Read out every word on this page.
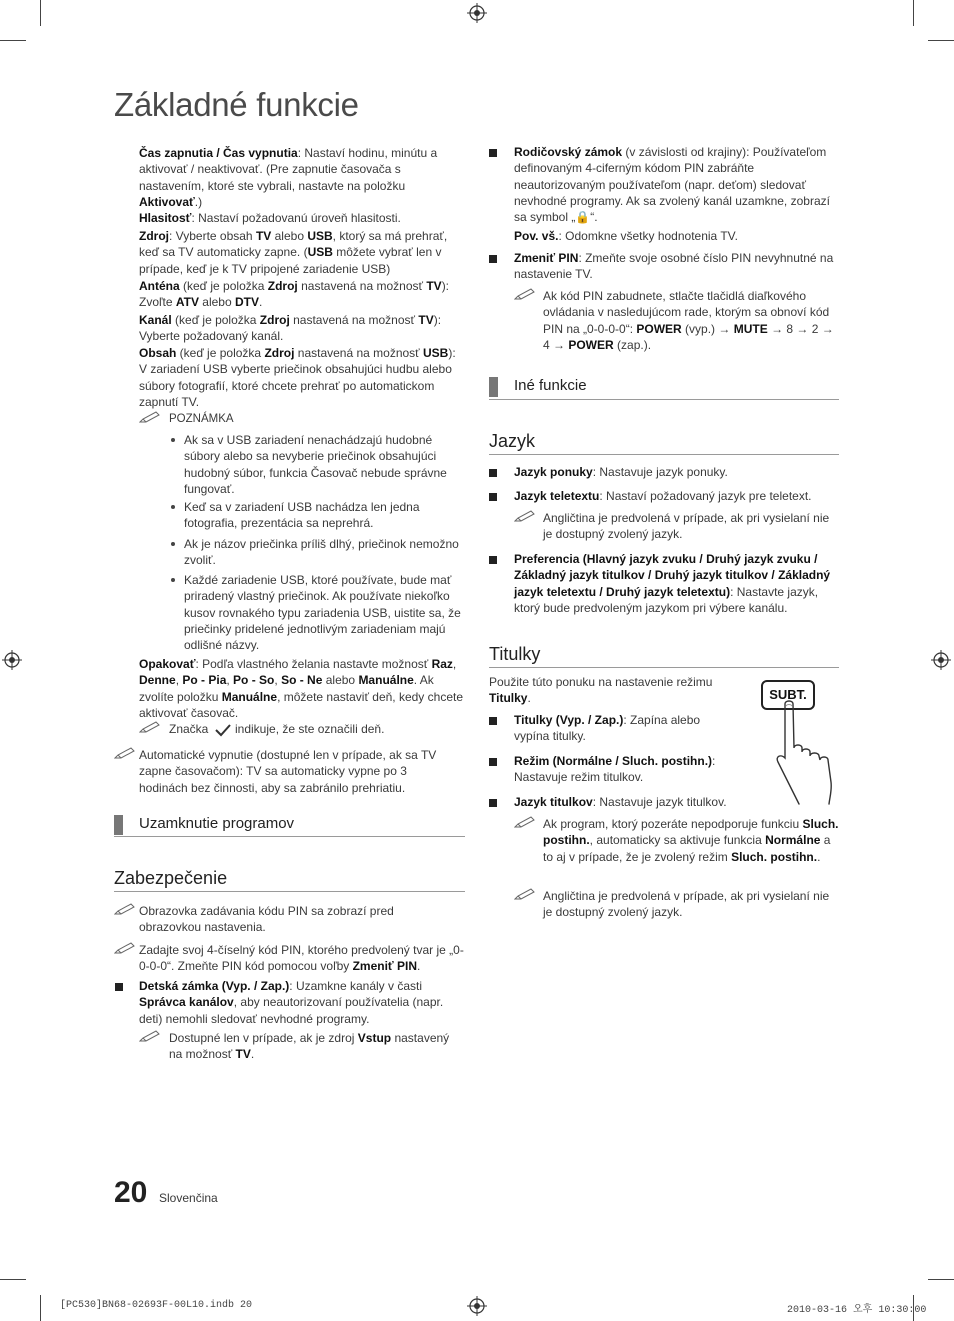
Základné funkcie
Čas zapnutia / Čas vypnutia: Nastaví hodinu, minútu a aktivovať / neaktivovať. (Pre zapnutie časovača s nastavením, ktoré ste vybrali, nastavte na položku Aktivovať.)
Hlasitosť: Nastaví požadovanú úroveň hlasitosti.
Zdroj: Vyberte obsah TV alebo USB, ktorý sa má prehrať, keď sa TV automaticky zapne. (USB môžete vybrať len v prípade, keď je k TV pripojené zariadenie USB)
Anténa (keď je položka Zdroj nastavená na možnosť TV): Zvoľte ATV alebo DTV.
Kanál (keď je položka Zdroj nastavená na možnosť TV): Vyberte požadovaný kanál.
Obsah (keď je položka Zdroj nastavená na možnosť USB): V zariadení USB vyberte priečinok obsahujúci hudbu alebo súbory fotografií, ktoré chcete prehrať po automatickom zapnutí TV.
POZNÁMKA
Ak sa v USB zariadení nenachádzajú hudobné súbory alebo sa nevyberie priečinok obsahujúci hudobný súbor, funkcia Časovač nebude správne fungovať.
Keď sa v zariadení USB nachádza len jedna fotografia, prezentácia sa neprehrá.
Ak je názov priečinka príliš dlhý, priečinok nemožno zvoliť.
Každé zariadenie USB, ktoré používate, bude mať priradený vlastný priečinok. Ak používate niekoľko kusov rovnakého typu zariadenia USB, uistite sa, že priečinky pridelené jednotlivým zariadeniam majú odlišné názvy.
Opakovať: Podľa vlastného želania nastavte možnosť Raz, Denne, Po - Pia, Po - So, So - Ne alebo Manuálne. Ak zvolíte položku Manuálne, môžete nastaviť deň, kedy chcete aktivovať časovač.
Značka indikuje, že ste označili deň.
Automatické vypnutie (dostupné len v prípade, ak sa TV zapne časovačom): TV sa automaticky vypne po 3 hodinách bez činnosti, aby sa zabránilo prehriatiu.
Uzamknutie programov
Zabezpečenie
Obrazovka zadávania kódu PIN sa zobrazí pred obrazovkou nastavenia.
Zadajte svoj 4-číselný kód PIN, ktorého predvolený tvar je „0-0-0-0“. Zmeňte PIN kód pomocou voľby Zmeniť PIN.
Detská zámka (Vyp. / Zap.): Uzamkne kanály v časti Správca kanálov, aby neautorizovaní používatelia (napr. deti) nemohli sledovať nevhodné programy.
Dostupné len v prípade, ak je zdroj Vstup nastavený na možnosť TV.
Rodičovský zámok (v závislosti od krajiny): Používateľom definovaným 4-ciferným kódom PIN zabráňte neautorizovaným používateľom (napr. deťom) sledovať nevhodné programy. Ak sa zvolený kanál uzamkne, zobrazí sa symbol „🔒“.
Pov. vš.: Odomkne všetky hodnotenia TV.
Zmeniť PIN: Zmeňte svoje osobné číslo PIN nevyhnutné na nastavenie TV.
Ak kód PIN zabudnete, stlačte tlačidlá diaľkového ovládania v nasledujúcom rade, ktorým sa obnoví kód PIN na „0-0-0-0“: POWER (vyp.) → MUTE → 8 → 2 → 4 → POWER (zap.).
Iné funkcie
Jazyk
Jazyk ponuky: Nastavuje jazyk ponuky.
Jazyk teletextu: Nastaví požadovaný jazyk pre teletext.
Angličtina je predvolená v prípade, ak pri vysielaní nie je dostupný zvolený jazyk.
Preferencia (Hlavný jazyk zvuku / Druhý jazyk zvuku / Základný jazyk titulkov / Druhý jazyk titulkov / Základný jazyk teletextu / Druhý jazyk teletextu): Nastavte jazyk, ktorý bude predvoleným jazykom pri výbere kanálu.
Titulky
Použite túto ponuku na nastavenie režimu Titulky.
Titulky (Vyp. / Zap.): Zapína alebo vypína titulky.
Režim (Normálne / Sluch. postihn.): Nastavuje režim titulkov.
Jazyk titulkov: Nastavuje jazyk titulkov.
Ak program, ktorý pozeráte nepodporuje funkciu Sluch. postihn., automaticky sa aktivuje funkcia Normálne a to aj v prípade, že je zvolený režim Sluch. postihn..
Angličtina je predvolená v prípade, ak pri vysielaní nie je dostupný zvolený jazyk.
SUBT.
20 Slovenčina
[PC530]BN68-02693F-00L10.indb 20	2010-03-16 오후 10:30:00
